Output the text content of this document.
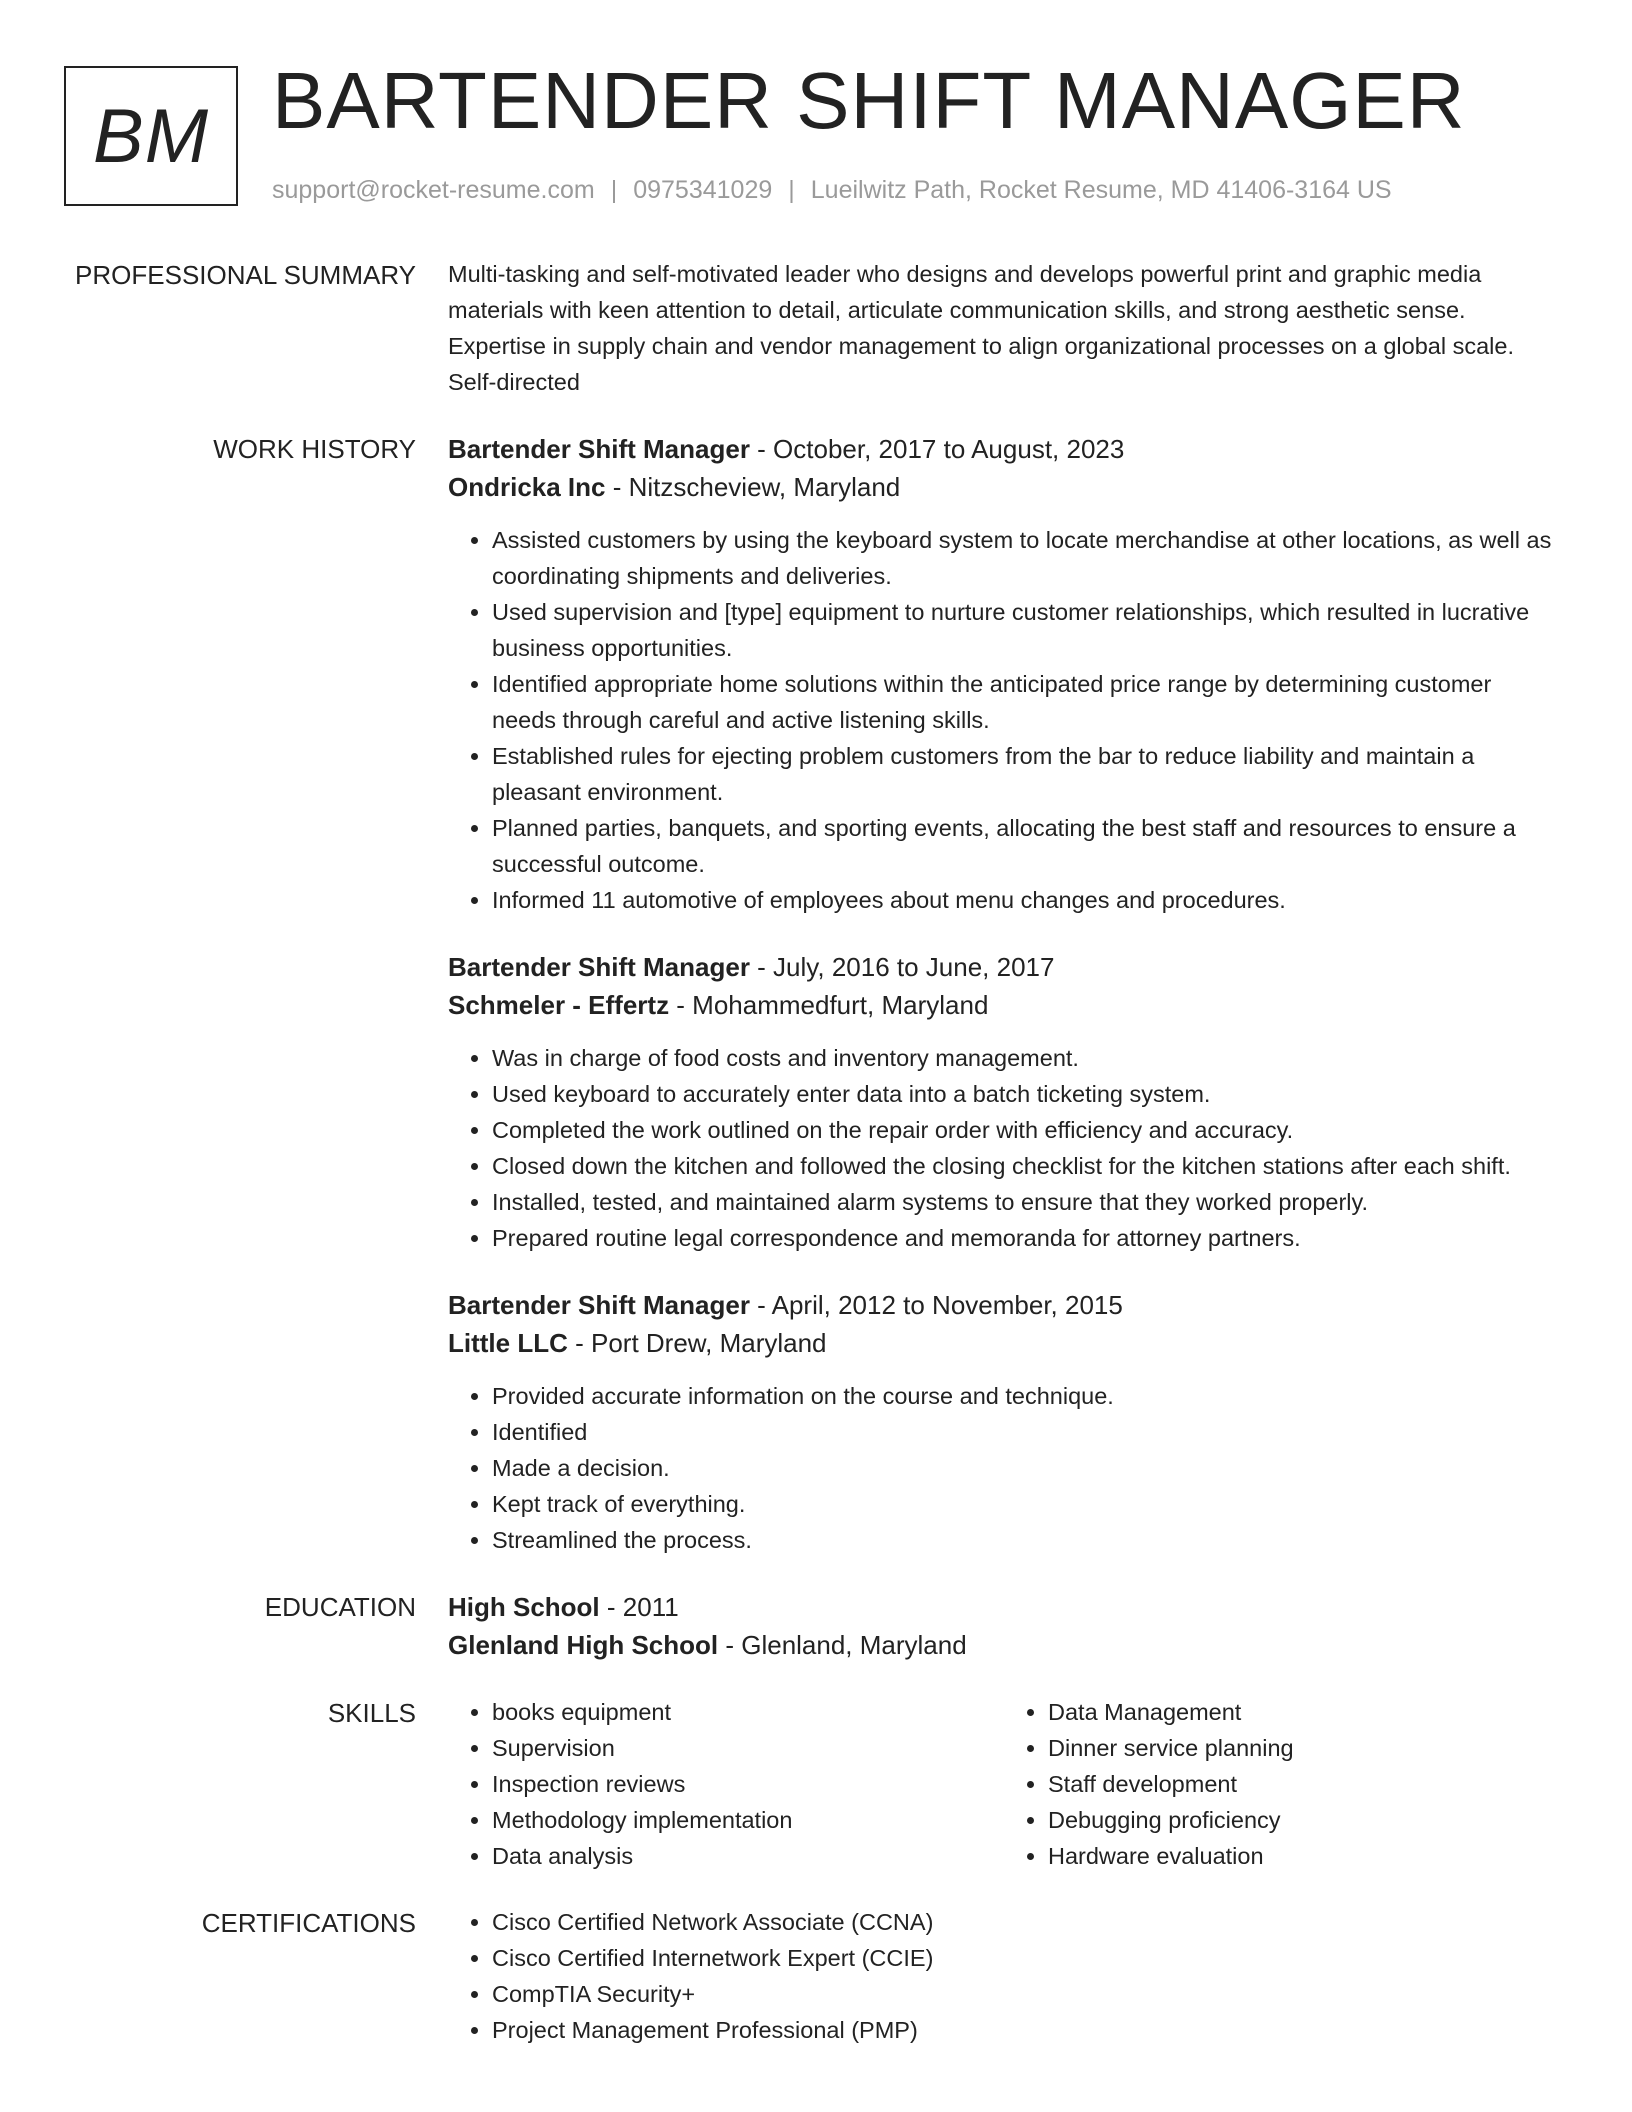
BM BARTENDER SHIFT MANAGER
support@rocket-resume.com | 0975341029 | Lueilwitz Path, Rocket Resume, MD 41406-3164 US
PROFESSIONAL SUMMARY Multi-tasking and self-motivated leader who designs and develops powerful print and graphic media materials with keen attention to detail, articulate communication skills, and strong aesthetic sense. Expertise in supply chain and vendor management to align organizational processes on a global scale. Self-directed
WORK HISTORY Bartender Shift Manager - October, 2017 to August, 2023
Ondricka Inc - Nitzscheview, Maryland
• Assisted customers by using the keyboard system to locate merchandise at other locations, as well as coordinating shipments and deliveries.
• Used supervision and [type] equipment to nurture customer relationships, which resulted in lucrative business opportunities.
• Identified appropriate home solutions within the anticipated price range by determining customer needs through careful and active listening skills.
• Established rules for ejecting problem customers from the bar to reduce liability and maintain a pleasant environment.
• Planned parties, banquets, and sporting events, allocating the best staff and resources to ensure a successful outcome.
• Informed 11 automotive of employees about menu changes and procedures.
Bartender Shift Manager - July, 2016 to June, 2017
Schmeler - Effertz - Mohammedfurt, Maryland
• Was in charge of food costs and inventory management.
• Used keyboard to accurately enter data into a batch ticketing system.
• Completed the work outlined on the repair order with efficiency and accuracy.
• Closed down the kitchen and followed the closing checklist for the kitchen stations after each shift.
• Installed, tested, and maintained alarm systems to ensure that they worked properly.
• Prepared routine legal correspondence and memoranda for attorney partners.
Bartender Shift Manager - April, 2012 to November, 2015
Little LLC - Port Drew, Maryland
• Provided accurate information on the course and technique.
• Identified
• Made a decision.
• Kept track of everything.
• Streamlined the process.
EDUCATION High School - 2011
Glenland High School - Glenland, Maryland
SKILLS	• books equipment
• Supervision
• Inspection reviews
• Methodology implementation
• Data analysis
• Data Management
• Dinner service planning
• Staff development
• Debugging proficiency
• Hardware evaluation
CERTIFICATIONS	• Cisco Certified Network Associate (CCNA)
• Cisco Certified Internetwork Expert (CCIE)
• CompTIA Security+
• Project Management Professional (PMP)
